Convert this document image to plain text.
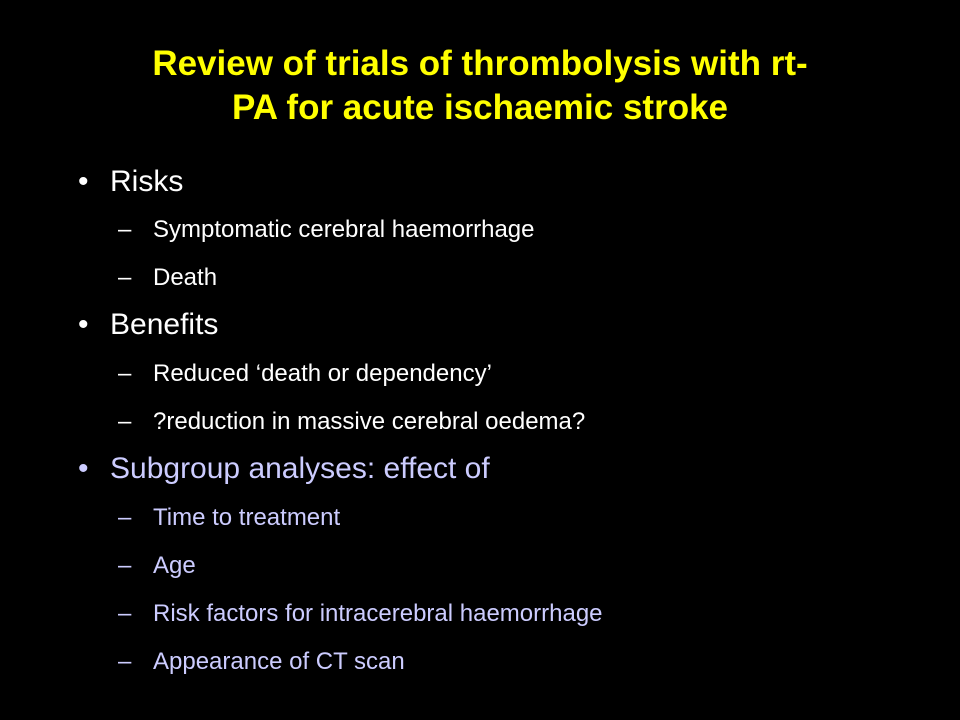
Review of trials of thrombolysis with rt-
PA for acute ischaemic stroke
• Risks
– Symptomatic cerebral haemorrhage
– Death
• Benefits
– Reduced ‘death or dependency’
– ?reduction in massive cerebral oedema?
• Subgroup analyses: effect of
– Time to treatment
– Age
– Risk factors for intracerebral haemorrhage
– Appearance of CT scan
